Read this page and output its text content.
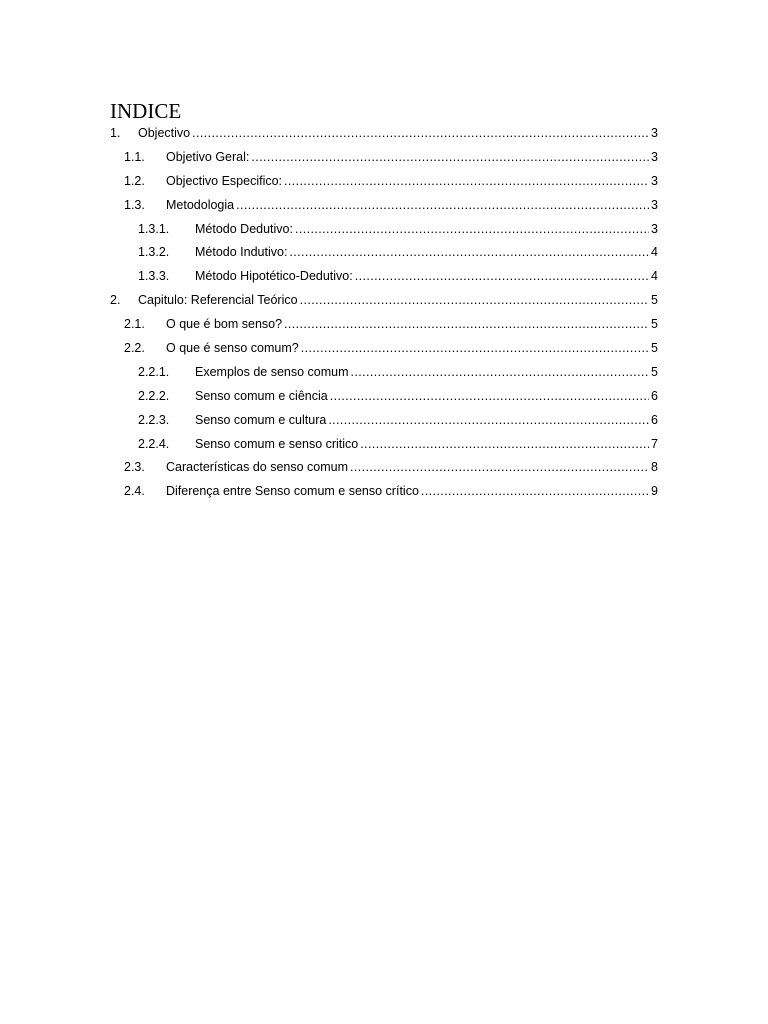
INDICE
1. Objectivo .....	3
1.1. Objetivo Geral: .....	3
1.2. Objectivo Especifico: .....	3
1.3. Metodologia .....	3
1.3.1. Método Dedutivo: .....	3
1.3.2. Método Indutivo: .....	4
1.3.3. Método Hipotético-Dedutivo: .....	4
2. Capitulo: Referencial Teórico .....	5
2.1. O que é bom senso? .....	5
2.2. O que é senso comum? .....	5
2.2.1. Exemplos de senso comum .....	5
2.2.2. Senso comum e ciência .....	6
2.2.3. Senso comum e cultura .....	6
2.2.4. Senso comum e senso critico .....	7
2.3. Características do senso comum .....	8
2.4. Diferença entre Senso comum e senso crítico .....	9
